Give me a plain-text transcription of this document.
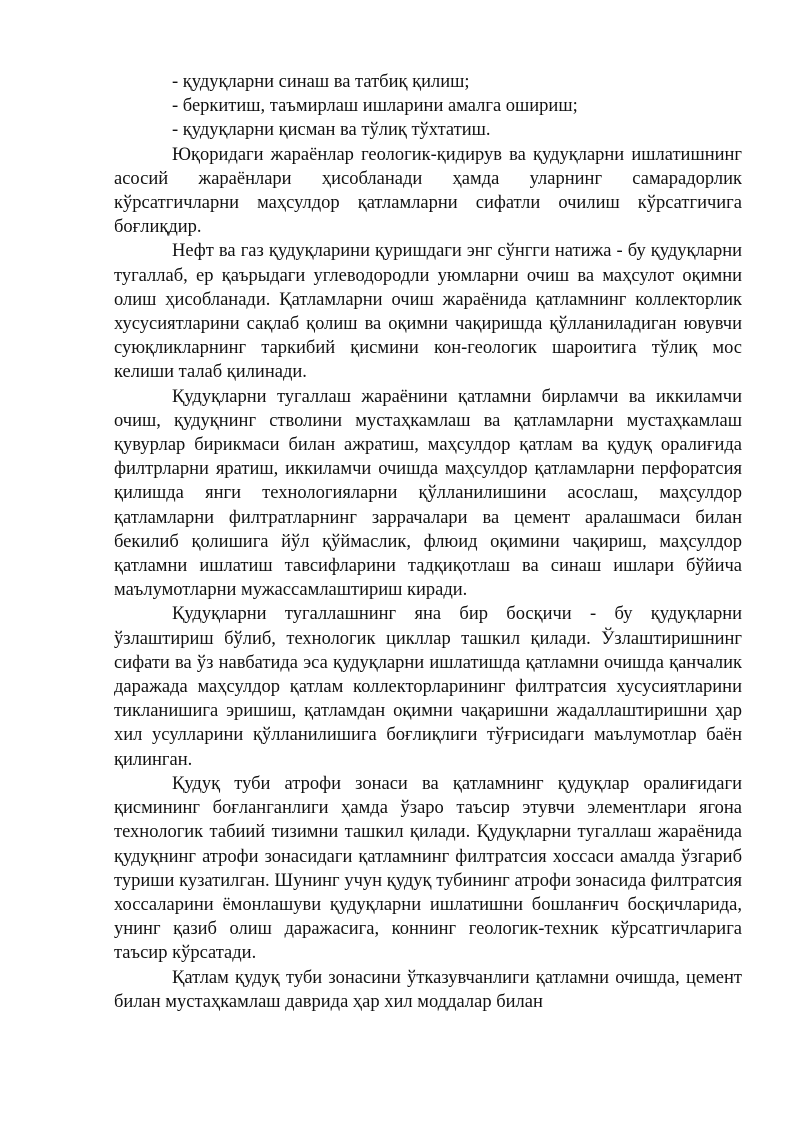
- қудуқларни синаш ва татбиқ қилиш;

- беркитиш, таъмирлаш ишларини амалга ошириш;

- қудуқларни қисман ва тўлиқ тўхтатиш.

Юқоридаги жараёнлар геологик-қидирув ва қудуқларни ишлатишнинг асосий жараёнлари ҳисобланади ҳамда уларнинг самарадорлик кўрсатгичларни маҳсулдор қатламларни сифатли очилиш кўрсатгичига боғлиқдир.

Нефт ва газ қудуқларини қуришдаги энг сўнгги натижа - бу қудуқларни тугаллаб, ер қаърыдаги углеводородли уюмларни очиш ва маҳсулот оқимни олиш ҳисобланади. Қатламларни очиш жараёнида қатламнинг коллекторлик хусусиятларини сақлаб қолиш ва оқимни чақиришда қўлланиладиган ювувчи суюқликларнинг таркибий қисмини кон-геологик шароитига тўлиқ мос келиши талаб қилинади.

Қудуқларни тугаллаш жараёнини қатламни бирламчи ва иккиламчи очиш, қудуқнинг стволини мустаҳкамлаш ва қатламларни мустаҳкамлаш қувурлар бирикмаси билан ажратиш, маҳсулдор қатлам ва қудуқ оралиғида филтрларни яратиш, иккиламчи очишда маҳсулдор қатламларни перфоратсия қилишда янги технологияларни қўлланилишини асослаш, маҳсулдор қатламларни филтратларнинг заррачалари ва цемент аралашмаси билан бекилиб қолишига йўл қўймаслик, флюид оқимини чақириш, маҳсулдор қатламни ишлатиш тавсифларини тадқиқотлаш ва синаш ишлари бўйича маълумотларни мужассамлаштириш киради.

Қудуқларни тугаллашнинг яна бир босқичи - бу қудуқларни ўзлаштириш бўлиб, технологик цикллар ташкил қилади. Ўзлаштиришнинг сифати ва ўз навбатида эса қудуқларни ишлатишда қатламни очишда қанчалик даражада маҳсулдор қатлам коллекторларининг филтратсия хусусиятларини тикланишига эришиш, қатламдан оқимни чақаришни жадаллаштиришни ҳар хил усулларини қўлланилишига боғлиқлиги тўғрисидаги маълумотлар баён қилинган.

Қудуқ туби атрофи зонаси ва қатламнинг қудуқлар оралиғидаги қисмининг боғланганлиги ҳамда ўзаро таъсир этувчи элементлари ягона технологик табиий тизимни ташкил қилади. Қудуқларни тугаллаш жараёнида қудуқнинг атрофи зонасидаги қатламнинг филтратсия хоссаси амалда ўзгариб туриши кузатилган. Шунинг учун қудуқ тубининг атрофи зонасида филтратсия хоссаларини ёмонлашуви қудуқларни ишлатишни бошланғич босқичларида, унинг қазиб олиш даражасига, коннинг геологик-техник кўрсатгичларига таъсир кўрсатади.

Қатлам қудуқ туби зонасини ўтказувчанлиги қатламни очишда, цемент билан мустаҳкамлаш даврида ҳар хил моддалар билан
